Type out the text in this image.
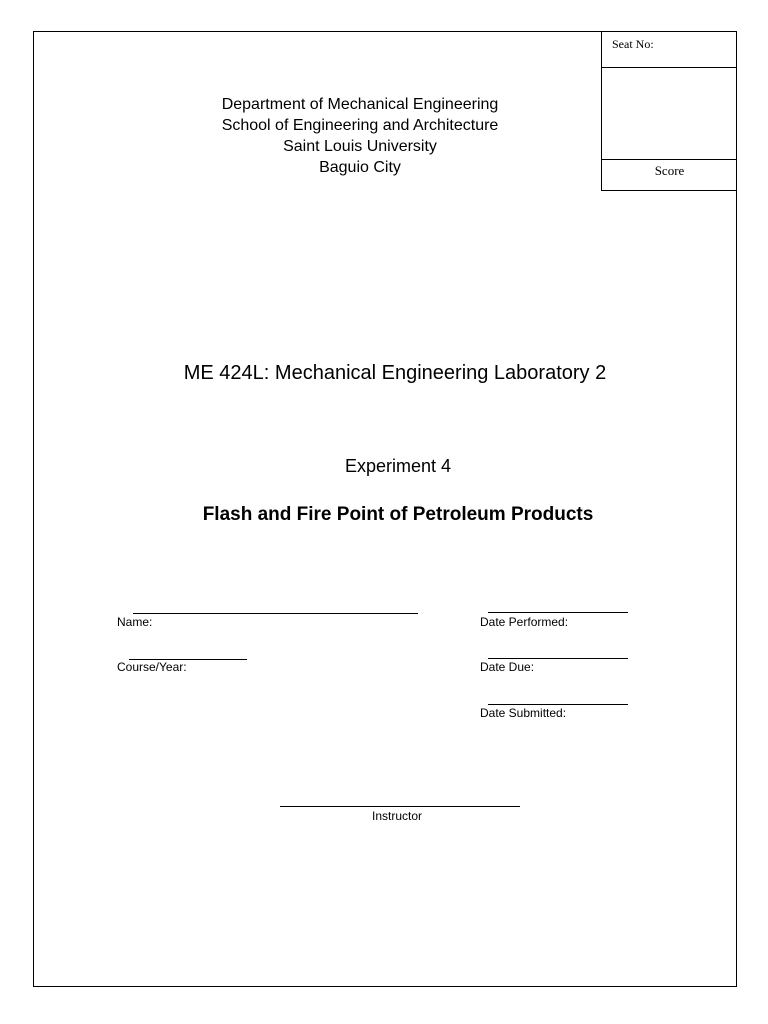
Seat No:
Score
Department of Mechanical Engineering
School of Engineering and Architecture
Saint Louis University
Baguio City
ME 424L: Mechanical Engineering Laboratory 2
Experiment 4
Flash and Fire Point of Petroleum Products
Name:
Course/Year:
Date Performed:
Date Due:
Date Submitted:
Instructor
